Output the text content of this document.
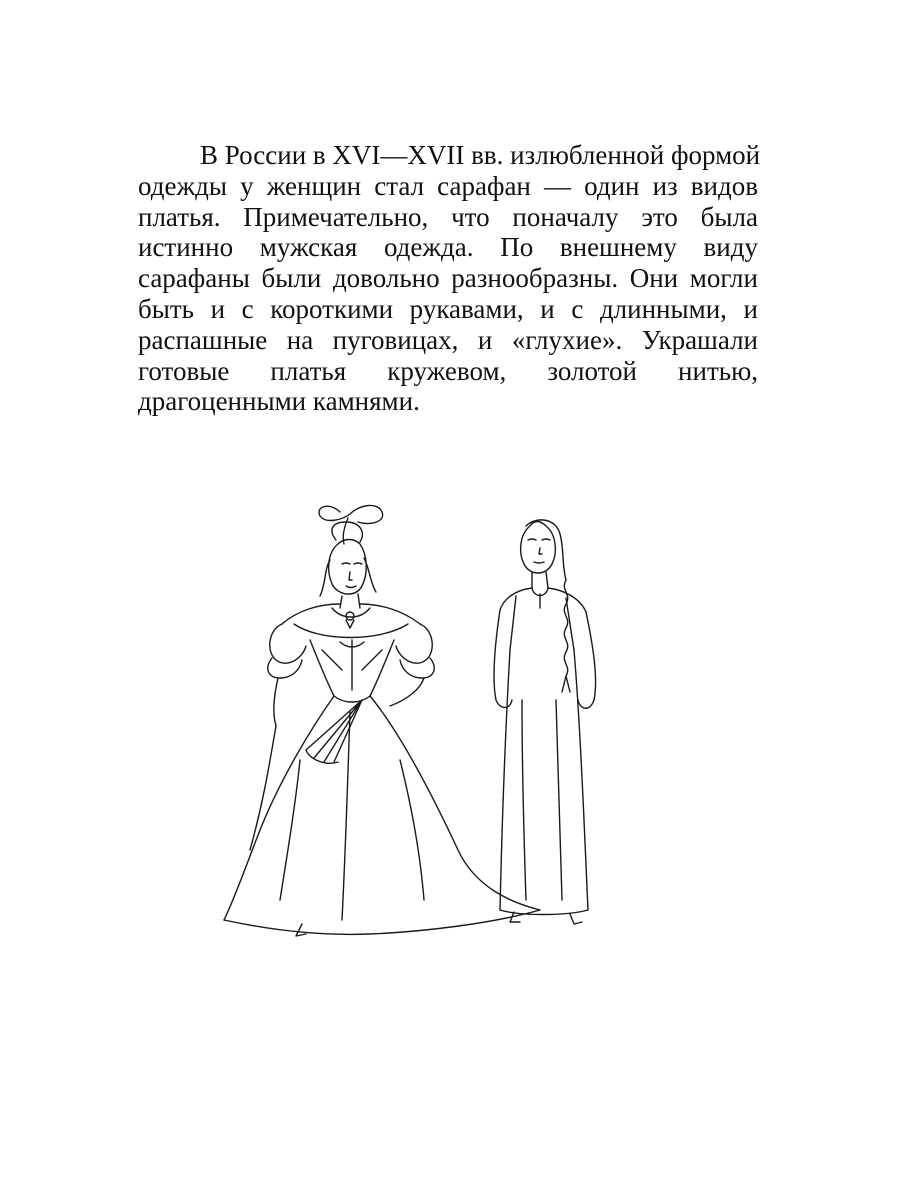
В России в XVI—XVII вв. излюбленной формой
одежды у женщин стал сарафан — один из видов
платья. Примечательно, что поначалу это была
истинно мужская одежда. По внешнему виду
сарафаны были довольно разнообразны. Они могли
быть и с короткими рукавами, и с длинными, и
распашные на пуговицах, и «глухие». Украшали
готовые платья кружевом, золотой нитью,
драгоценными камнями.
